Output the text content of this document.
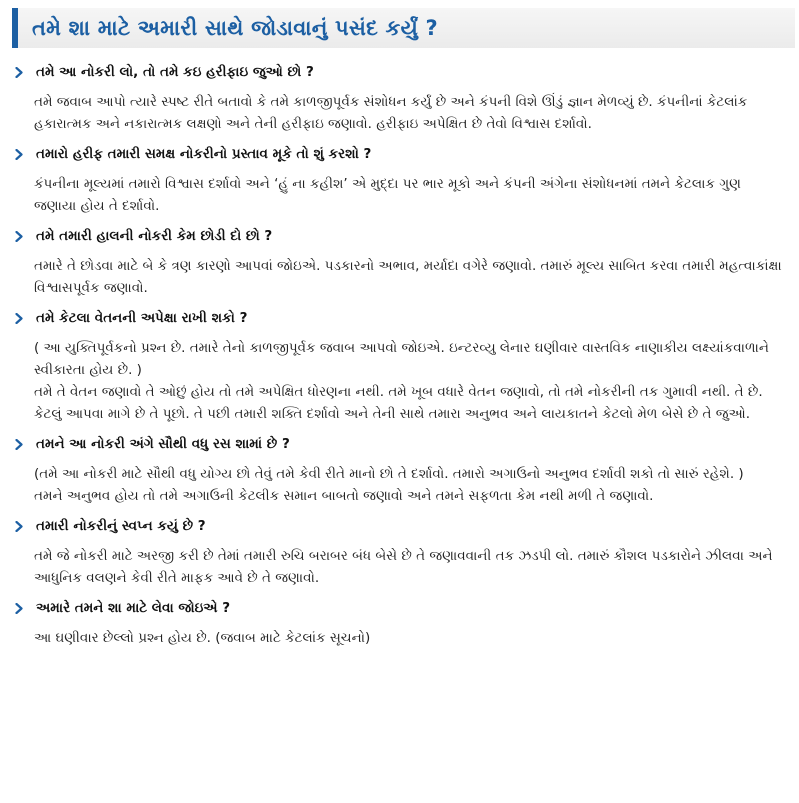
તમે શા માટે અમારી સાથે જોડાવાનું પસંદ કર્યું ?
તમે આ નોકરી લો, તો તમે કઇ હરીફાઇ જુઓ છો ?

તમે જવાબ આપો ત્યારે સ્પષ્ટ રીતે બતાવો કે તમે કાળજીપૂર્વક સંશોધન કર્યું છે અને કંપની વિશે ઊંડું જ્ઞાન મેળવ્યું છે. કંપનીનાં કેટલાંક હકારાત્મક અને નકારાત્મક લક્ષણો અને તેની હરીફાઇ જણાવો. હરીફાઇ અપેક્ષિત છે તેવો વિશ્વાસ દર્શાવો.

તમારો હરીફ તમારી સમક્ષ નોકરીનો પ્રસ્તાવ મૂકે તો શું કરશો ?

કંપનીના મૂલ્યમાં તમારો વિશ્વાસ દર્શાવો અને ‘હું ના કહીશ’ એ મુદ્દા પર ભાર મૂકો અને કંપની અંગેના સંશોધનમાં તમને કેટલાક ગુણ જણાયા હોય તે દર્શાવો.

તમે તમારી હાલની નોકરી કેમ છોડી દો છો ?

તમારે તે છોડવા માટે બે કે ત્રણ કારણો આપવાં જોઇએ. પડકારનો અભાવ, મર્યાદા વગેરે જણાવો. તમારું મૂલ્ય સાબિત કરવા તમારી મહત્વાકાંક્ષા વિશ્વાસપૂર્વક જણાવો.

તમે કેટલા વેતનની અપેક્ષા રાખી શકો ?

( આ યુક્તિપૂર્વકનો પ્રશ્ન છે. તમારે તેનો કાળજીપૂર્વક જવાબ આપવો જોઇએ. ઇન્ટરવ્યુ લેનાર ઘણીવાર વાસ્તવિક નાણાકીય લક્ષ્યાંકવાળાને સ્વીકારતા હોય છે. )

તમે તે વેતન જણાવો તે ઓછું હોય તો તમે અપેક્ષિત ધોરણના નથી. તમે ખૂબ વધારે વેતન જણાવો, તો તમે નોકરીની તક ગુમાવી નથી. તે છે. કેટલું આપવા માગે છે તે પૂછો. તે પછી તમારી શક્તિ દર્શાવો અને તેની સાથે તમારા અનુભવ અને લાયકાતને કેટલો મેળ બેસે છે તે જુઓ.

તમને આ નોકરી અંગે સૌથી વધુ રસ શામાં છે ?

(તમે આ નોકરી માટે સૌથી વધુ યોગ્ય છો તેવું તમે કેવી રીતે માનો છો તે દર્શાવો. તમારો અગાઉનો અનુભવ દર્શાવી શકો તો સારું રહેશે. )

તમને અનુભવ હોય તો તમે અગાઉની કેટલીક સમાન બાબતો જણાવો અને તમને સફળતા કેમ નથી મળી તે જણાવો.

તમારી નોકરીનું સ્વપ્ન કયું છે ?

તમે જે નોકરી માટે અરજી કરી છે તેમાં તમારી રુચિ બરાબર બંધ બેસે છે તે જણાવવાની તક ઝડપી લો. તમારું કૌશલ પડકારોને ઝીલવા અને આધુનિક વલણને કેવી રીતે માફક આવે છે તે જણાવો.

અમારે તમને શા માટે લેવા જોઇએ ?

આ ઘણીવાર છેલ્લો પ્રશ્ન હોય છે. (જવાબ માટે કેટલાંક સૂચનો)
